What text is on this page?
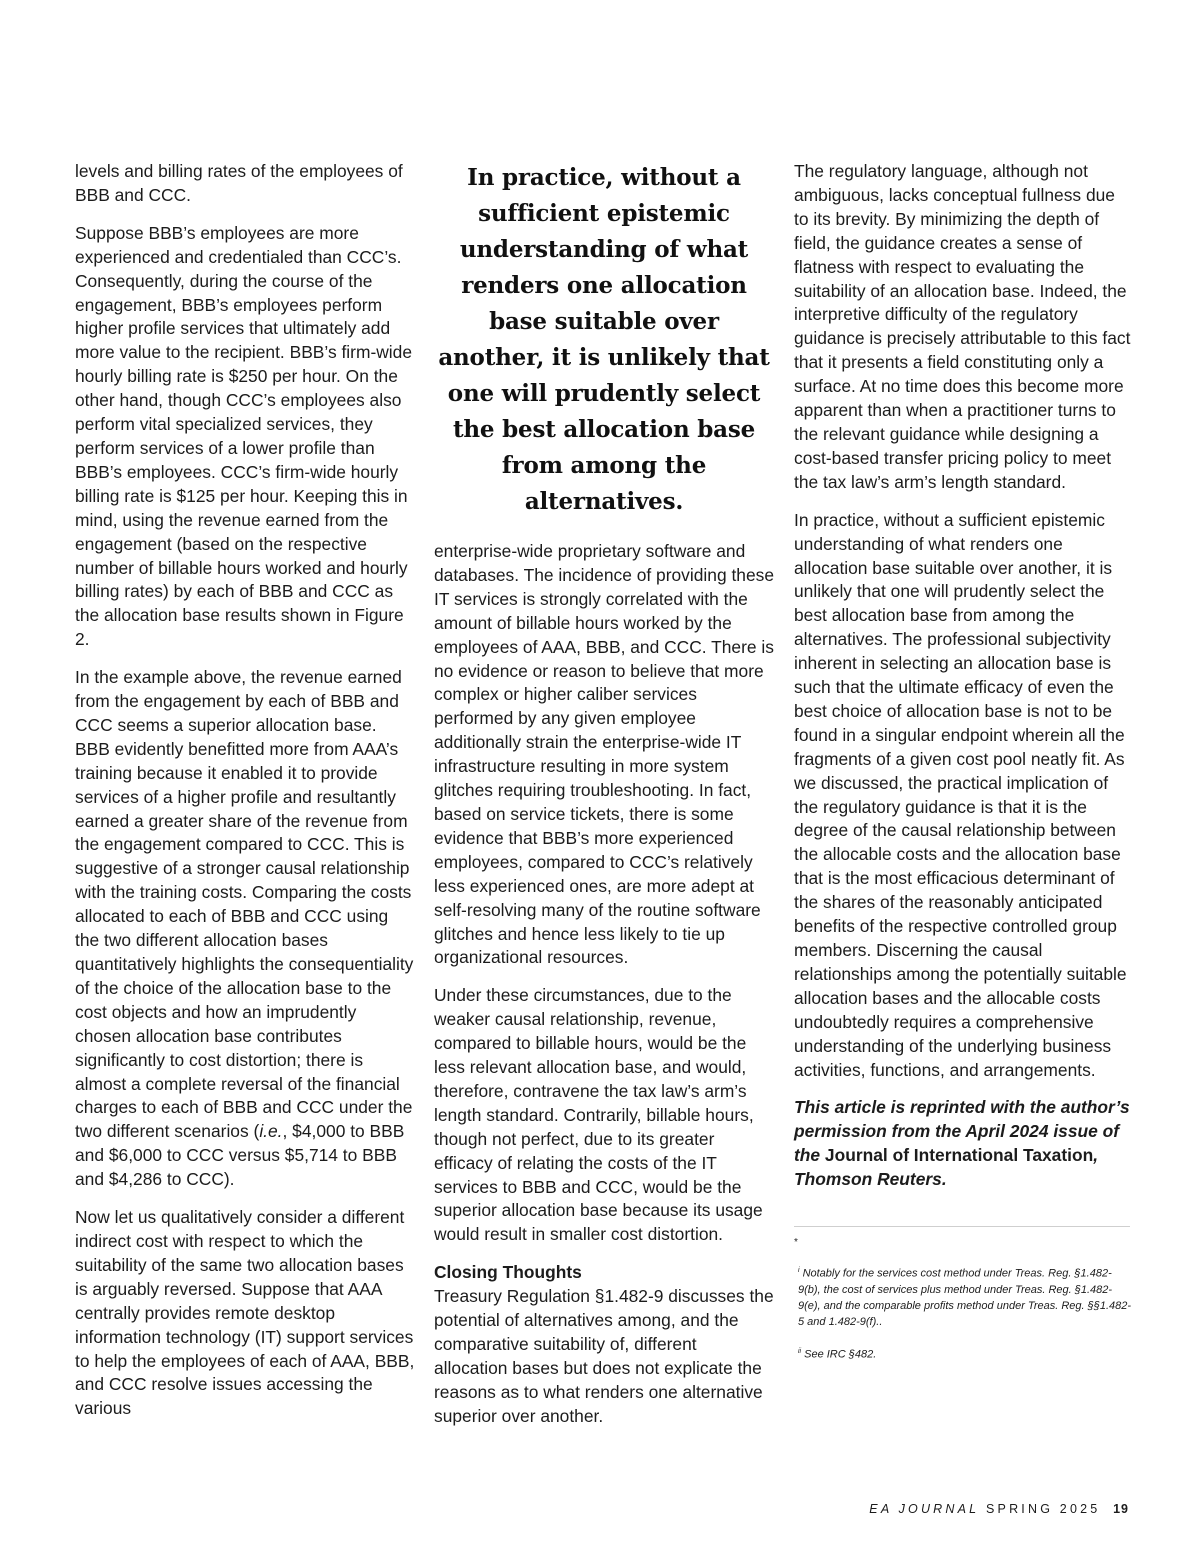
levels and billing rates of the employees of BBB and CCC.

Suppose BBB’s employees are more experienced and credentialed than CCC’s. Consequently, during the course of the engagement, BBB’s employees perform higher profile services that ultimately add more value to the recipient. BBB’s firm-wide hourly billing rate is $250 per hour. On the other hand, though CCC’s employees also perform vital specialized services, they perform services of a lower profile than BBB’s employees. CCC’s firm-wide hourly billing rate is $125 per hour. Keeping this in mind, using the revenue earned from the engagement (based on the respective number of billable hours worked and hourly billing rates) by each of BBB and CCC as the allocation base results shown in Figure 2.

In the example above, the revenue earned from the engagement by each of BBB and CCC seems a superior allocation base. BBB evidently benefitted more from AAA’s training because it enabled it to provide services of a higher profile and resultantly earned a greater share of the revenue from the engagement compared to CCC. This is suggestive of a stronger causal relationship with the training costs. Comparing the costs allocated to each of BBB and CCC using the two different allocation bases quantitatively highlights the consequentiality of the choice of the allocation base to the cost objects and how an imprudently chosen allocation base contributes significantly to cost distortion; there is almost a complete reversal of the financial charges to each of BBB and CCC under the two different scenarios (i.e., $4,000 to BBB and $6,000 to CCC versus $5,714 to BBB and $4,286 to CCC).

Now let us qualitatively consider a different indirect cost with respect to which the suitability of the same two allocation bases is arguably reversed. Suppose that AAA centrally provides remote desktop information technology (IT) support services to help the employees of each of AAA, BBB, and CCC resolve issues accessing the various

In practice, without a sufficient epistemic understanding of what renders one allocation base suitable over another, it is unlikely that one will prudently select the best allocation base from among the alternatives.

enterprise-wide proprietary software and databases. The incidence of providing these IT services is strongly correlated with the amount of billable hours worked by the employees of AAA, BBB, and CCC. There is no evidence or reason to believe that more complex or higher caliber services performed by any given employee additionally strain the enterprise-wide IT infrastructure resulting in more system glitches requiring troubleshooting. In fact, based on service tickets, there is some evidence that BBB’s more experienced employees, compared to CCC’s relatively less experienced ones, are more adept at self-resolving many of the routine software glitches and hence less likely to tie up organizational resources.

Under these circumstances, due to the weaker causal relationship, revenue, compared to billable hours, would be the less relevant allocation base, and would, therefore, contravene the tax law’s arm’s length standard. Contrarily, billable hours, though not perfect, due to its greater efficacy of relating the costs of the IT services to BBB and CCC, would be the superior allocation base because its usage would result in smaller cost distortion.

Closing Thoughts
Treasury Regulation §1.482-9 discusses the potential of alternatives among, and the comparative suitability of, different allocation bases but does not explicate the reasons as to what renders one alternative superior over another.

The regulatory language, although not ambiguous, lacks conceptual fullness due to its brevity. By minimizing the depth of field, the guidance creates a sense of flatness with respect to evaluating the suitability of an allocation base. Indeed, the interpretive difficulty of the regulatory guidance is precisely attributable to this fact that it presents a field constituting only a surface. At no time does this become more apparent than when a practitioner turns to the relevant guidance while designing a cost-based transfer pricing policy to meet the tax law’s arm’s length standard.

In practice, without a sufficient epistemic understanding of what renders one allocation base suitable over another, it is unlikely that one will prudently select the best allocation base from among the alternatives. The professional subjectivity inherent in selecting an allocation base is such that the ultimate efficacy of even the best choice of allocation base is not to be found in a singular endpoint wherein all the fragments of a given cost pool neatly fit. As we discussed, the practical implication of the regulatory guidance is that it is the degree of the causal relationship between the allocable costs and the allocation base that is the most efficacious determinant of the shares of the reasonably anticipated benefits of the respective controlled group members. Discerning the causal relationships among the potentially suitable allocation bases and the allocable costs undoubtedly requires a comprehensive understanding of the underlying business activities, functions, and arrangements.

This article is reprinted with the author’s permission from the April 2024 issue of the Journal of International Taxation, Thomson Reuters.

*

$^i$ Notably for the services cost method under Treas. Reg. §1.482-9(b), the cost of services plus method under Treas. Reg. §1.482-9(e), and the comparable profits method under Treas. Reg. §§1.482-5 and 1.482-9(f)..

$^{ii}$ See IRC §482.

EA JOURNAL SPRING 2025 19
